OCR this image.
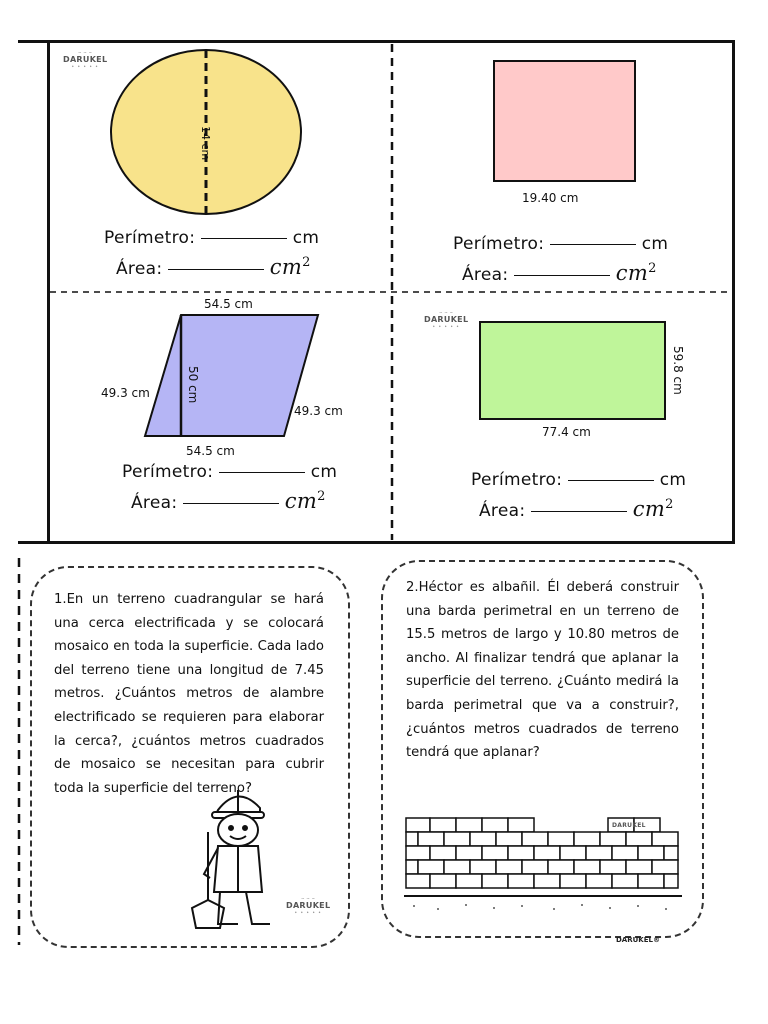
~ ~ ~
DARUKEL
• • • • •
14 cm
Perímetro:	cm
Área:	$cm^2$
19.40 cm
Perímetro:	cm
Área:	$cm^2$
54.5 cm
54.5 cm
49.3 cm
49.3 cm
50 cm
Perímetro:	cm
Área:	$cm^2$
~ ~ ~
DARUKEL
• • • • •
77.4 cm
59.8 cm
Perímetro:	cm
Área:	$cm^2$
1.En un terreno cuadrangular se hará una cerca electrificada y se colocará mosaico en toda la superficie. Cada lado del terreno tiene una longitud de 7.45 metros. ¿Cuántos metros de alambre electrificado se requieren para elaborar la cerca?, ¿cuántos metros cuadrados de mosaico se necesitan para cubrir toda la superficie del terreno?
2.Héctor es albañil. Él deberá construir una barda perimetral en un terreno de 15.5 metros de largo y 10.80 metros de ancho. Al finalizar tendrá que aplanar la superficie del terreno. ¿Cuánto medirá la barda perimetral que va a construir?, ¿cuántos metros cuadrados de terreno tendrá que aplanar?
~ ~ ~
DARUKEL
• • • • •
DARUKEL
DARUKEL®
